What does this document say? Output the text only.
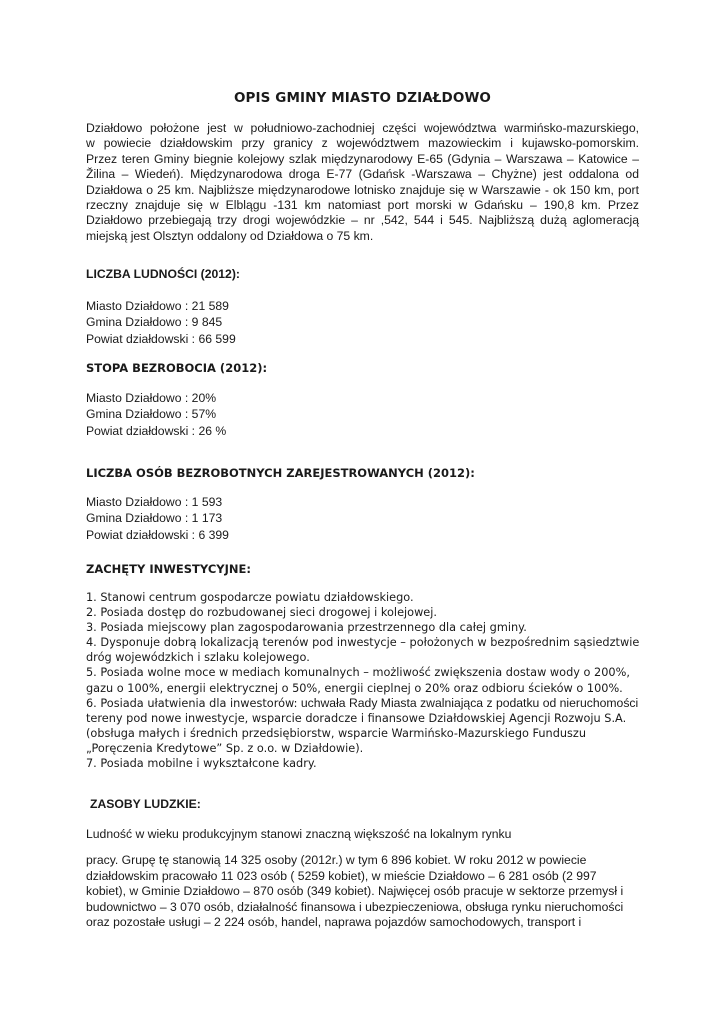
OPIS GMINY MIASTO DZIAŁDOWO
Działdowo położone jest w południowo-zachodniej części województwa warmińsko-mazurskiego,
w powiecie działdowskim przy granicy z województwem mazowieckim i kujawsko-pomorskim.
Przez teren Gminy biegnie kolejowy szlak międzynarodowy E-65 (Gdynia – Warszawa – Katowice –
Žilina – Wiedeń). Międzynarodowa droga E-77 (Gdańsk -Warszawa – Chyżne) jest oddalona od
Działdowa o 25 km. Najbliższe międzynarodowe lotnisko znajduje się w Warszawie - ok 150 km, port
rzeczny znajduje się w Elblągu -131 km natomiast port morski w Gdańsku – 190,8 km. Przez
Działdowo przebiegają trzy drogi wojewódzkie – nr ,542, 544 i 545. Najbliższą dużą aglomeracją
miejską jest Olsztyn oddalony od Działdowa o 75 km.
LICZBA LUDNOŚCI (2012):
Miasto Działdowo : 21 589
Gmina Działdowo : 9 845
Powiat działdowski : 66 599
STOPA BEZROBOCIA (2012):
Miasto Działdowo : 20%
Gmina Działdowo : 57%
Powiat działdowski : 26 %
LICZBA OSÓB BEZROBOTNYCH ZAREJESTROWANYCH (2012):
Miasto Działdowo : 1 593
Gmina Działdowo : 1 173
Powiat działdowski : 6 399
ZACHĘTY INWESTYCYJNE:
1. Stanowi centrum gospodarcze powiatu działdowskiego.
2. Posiada dostęp do rozbudowanej sieci drogowej i kolejowej.
3. Posiada miejscowy plan zagospodarowania przestrzennego dla całej gminy.
4. Dysponuje dobrą lokalizacją terenów pod inwestycje – położonych w bezpośrednim sąsiedztwie
dróg wojewódzkich i szlaku kolejowego.
5. Posiada wolne moce w mediach komunalnych – możliwość zwiększenia dostaw wody o 200%,
gazu o 100%, energii elektrycznej o 50%, energii cieplnej o 20% oraz odbioru ścieków o 100%.
6. Posiada ułatwienia dla inwestorów: uchwała Rady Miasta zwalniająca z podatku od nieruchomości
tereny pod nowe inwestycje, wsparcie doradcze i finansowe Działdowskiej Agencji Rozwoju S.A.
(obsługa małych i średnich przedsiębiorstw, wsparcie Warmińsko-Mazurskiego Funduszu
„Poręczenia Kredytowe” Sp. z o.o. w Działdowie).
7. Posiada mobilne i wykształcone kadry.
ZASOBY LUDZKIE:
Ludność w wieku produkcyjnym stanowi znaczną większość na lokalnym rynku
pracy. Grupę tę stanowią 14 325 osoby (2012r.) w tym 6 896 kobiet. W roku 2012 w powiecie
działdowskim pracowało 11 023 osób ( 5259 kobiet), w mieście Działdowo – 6 281 osób (2 997
kobiet), w Gminie Działdowo – 870 osób (349 kobiet). Najwięcej osób pracuje w sektorze przemysł i
budownictwo – 3 070 osób, działalność finansowa i ubezpieczeniowa, obsługa rynku nieruchomości
oraz pozostałe usługi – 2 224 osób, handel, naprawa pojazdów samochodowych, transport i
